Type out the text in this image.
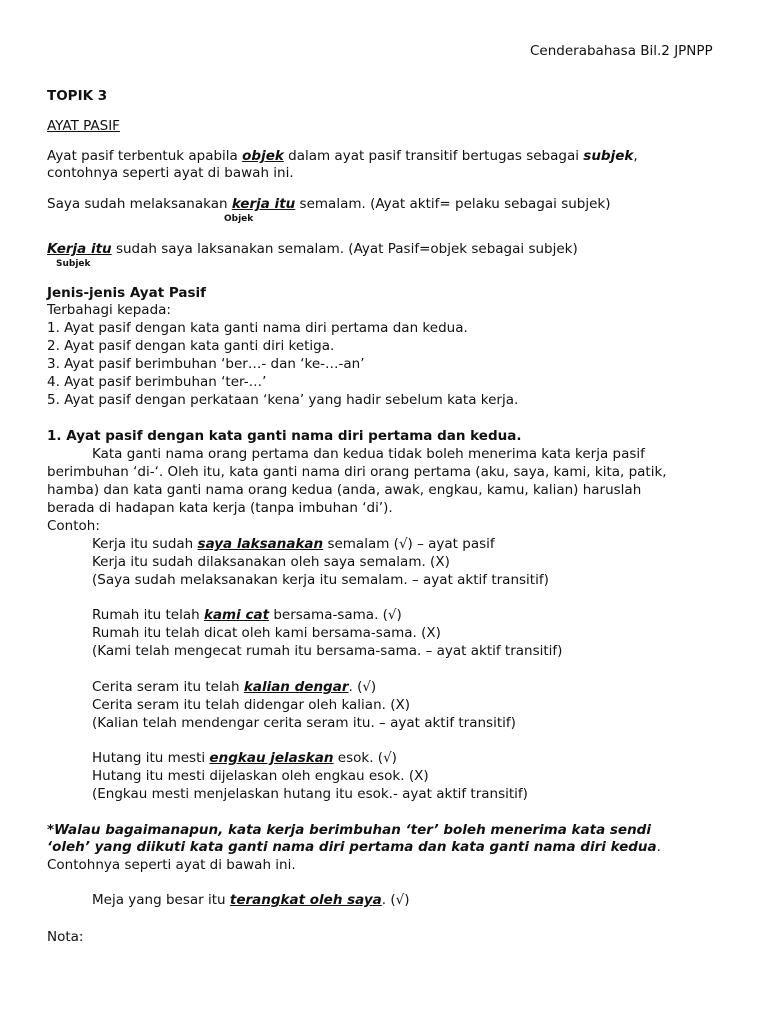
Cenderabahasa Bil.2 JPNPP
TOPIK 3
AYAT PASIF
Ayat pasif terbentuk apabila objek dalam ayat pasif transitif bertugas sebagai subjek,
contohnya seperti ayat di bawah ini.
Saya sudah melaksanakan kerja itu semalam. (Ayat aktif= pelaku sebagai subjek)
Objek
Kerja itu sudah saya laksanakan semalam. (Ayat Pasif=objek sebagai subjek)
Subjek
Jenis-jenis Ayat Pasif
Terbahagi kepada:
1. Ayat pasif dengan kata ganti nama diri pertama dan kedua.
2. Ayat pasif dengan kata ganti diri ketiga.
3. Ayat pasif berimbuhan ‘ber…- dan ‘ke-…-an’
4. Ayat pasif berimbuhan ‘ter-…’
5. Ayat pasif dengan perkataan ‘kena’ yang hadir sebelum kata kerja.
1. Ayat pasif dengan kata ganti nama diri pertama dan kedua.
Kata ganti nama orang pertama dan kedua tidak boleh menerima kata kerja pasif
berimbuhan ‘di-‘. Oleh itu, kata ganti nama diri orang pertama (aku, saya, kami, kita, patik,
hamba) dan kata ganti nama orang kedua (anda, awak, engkau, kamu, kalian) haruslah
berada di hadapan kata kerja (tanpa imbuhan ‘di’).
Contoh:
Kerja itu sudah saya laksanakan semalam (√) – ayat pasif
Kerja itu sudah dilaksanakan oleh saya semalam. (X)
(Saya sudah melaksanakan kerja itu semalam. – ayat aktif transitif)
Rumah itu telah kami cat bersama-sama. (√)
Rumah itu telah dicat oleh kami bersama-sama. (X)
(Kami telah mengecat rumah itu bersama-sama. – ayat aktif transitif)
Cerita seram itu telah kalian dengar. (√)
Cerita seram itu telah didengar oleh kalian. (X)
(Kalian telah mendengar cerita seram itu. – ayat aktif transitif)
Hutang itu mesti engkau jelaskan esok. (√)
Hutang itu mesti dijelaskan oleh engkau esok. (X)
(Engkau mesti menjelaskan hutang itu esok.- ayat aktif transitif)
*Walau bagaimanapun, kata kerja berimbuhan ‘ter’ boleh menerima kata sendi
‘oleh’ yang diikuti kata ganti nama diri pertama dan kata ganti nama diri kedua.
Contohnya seperti ayat di bawah ini.
Meja yang besar itu terangkat oleh saya. (√)
Nota:
